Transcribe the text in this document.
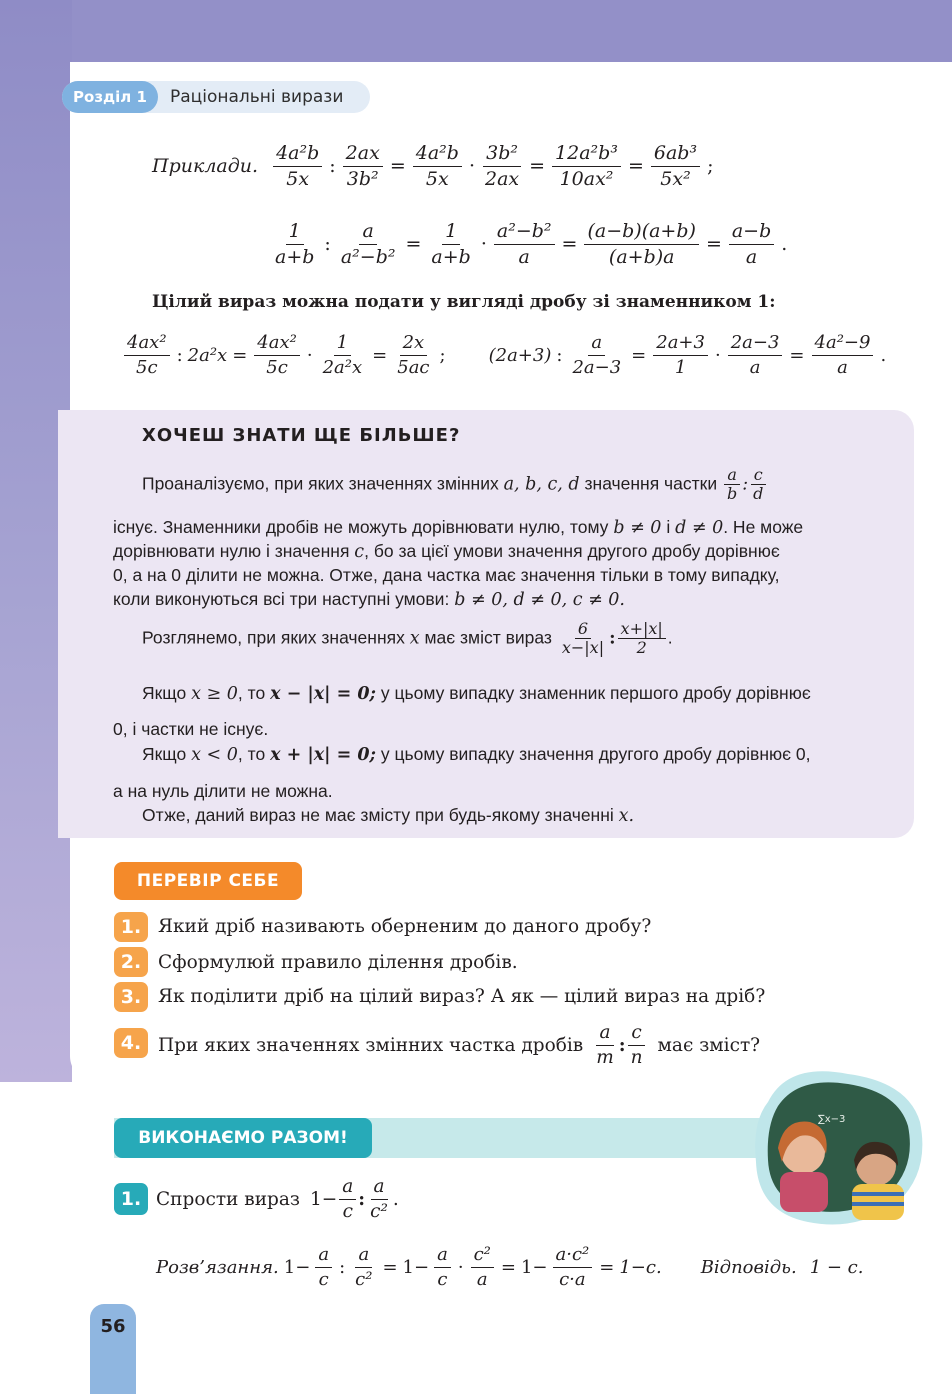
Розділ 1	Раціональні вирази
Приклади. $\frac{\text{4a²b}}{5x}$ : $\frac{2ax}{\text{3b²}} = \frac{\text{4a²b}}{5x} \cdot \frac{\text{3b²}}{2ax} = \frac{\text{12a²b³}}{\text{10ax²}} = \frac{\text{6ab³}}{\text{5x²}}$ ;
$\frac{1}{a+b}$ : $\frac{a}{\text{a²−b²}} = \frac{1}{a+b} \cdot \frac{\text{a²−b²}}{a} = \frac{(a-b)(a+b)}{(a+b)a} = \frac{a-b}{a}$ .
Цілий вираз можна подати у вигляді дробу зі знаменником 1:
$\frac{\text{4ax²}}{5c}$ : $2a^2x = \frac{\text{4ax²}}{5c} \cdot \frac{1}{\text{2a²x}} = \frac{2x}{5ac}$ ; (2a+3) : $\frac{a}{2a-3} = \frac{2a+3}{1} \cdot \frac{2a-3}{a} = \frac{\text{4a²−9}}{a}$ .
ХОЧЕШ ЗНАТИ ЩЕ БІЛЬШЕ?
Проаналізуємо, при яких значеннях змінних a, b, c, d значення частки $\frac{a}{b}$ : $\frac{c}{d}$
існує. Знаменники дробів не можуть дорівнювати нулю, тому b ≠ 0 і d ≠ 0. Не може
дорівнювати нулю і значення c, бо за цієї умови значення другого дробу дорівнює
0, а на 0 ділити не можна. Отже, дана частка має значення тільки в тому випадку,
коли виконуються всі три наступні умови: b ≠ 0, d ≠ 0, c ≠ 0.
Розглянемо, при яких значеннях x має зміст вираз $\frac{6}{x-|x|}$ : $\frac{x+|x|}{2}$ .
Якщо x ≥ 0, то x − |x| = 0; у цьому випадку знаменник першого дробу дорівнює
0, і частки не існує.
Якщо x < 0, то x + |x| = 0; у цьому випадку значення другого дробу дорівнює 0,
а на нуль ділити не можна.
Отже, даний вираз не має змісту при будь-якому значенні x.
ПЕРЕВІР СЕБЕ
1. Який дріб називають оберненим до даного дробу?
2. Сформулюй правило ділення дробів.
3. Як поділити дріб на цілий вираз? А як — цілий вираз на дріб?
4. При яких значеннях змінних частка дробів $\frac{a}{m}$ : $\frac{c}{n}$ має зміст?
ВИКОНАЄМО РАЗОМ!
∑x−3
1. Спрости вираз $1- \frac{a}{c}$ : $\frac{a}{\text{c²}}$ .
Розв’язання. $1- \frac{a}{c}$ : $\frac{a}{\text{c²}} = 1- \frac{a}{c} \cdot \frac{\text{c²}}{a} = 1- \frac{\text{a·c²}}{c\cdot a} = 1-c$. Відповідь. 1 − c.
56
